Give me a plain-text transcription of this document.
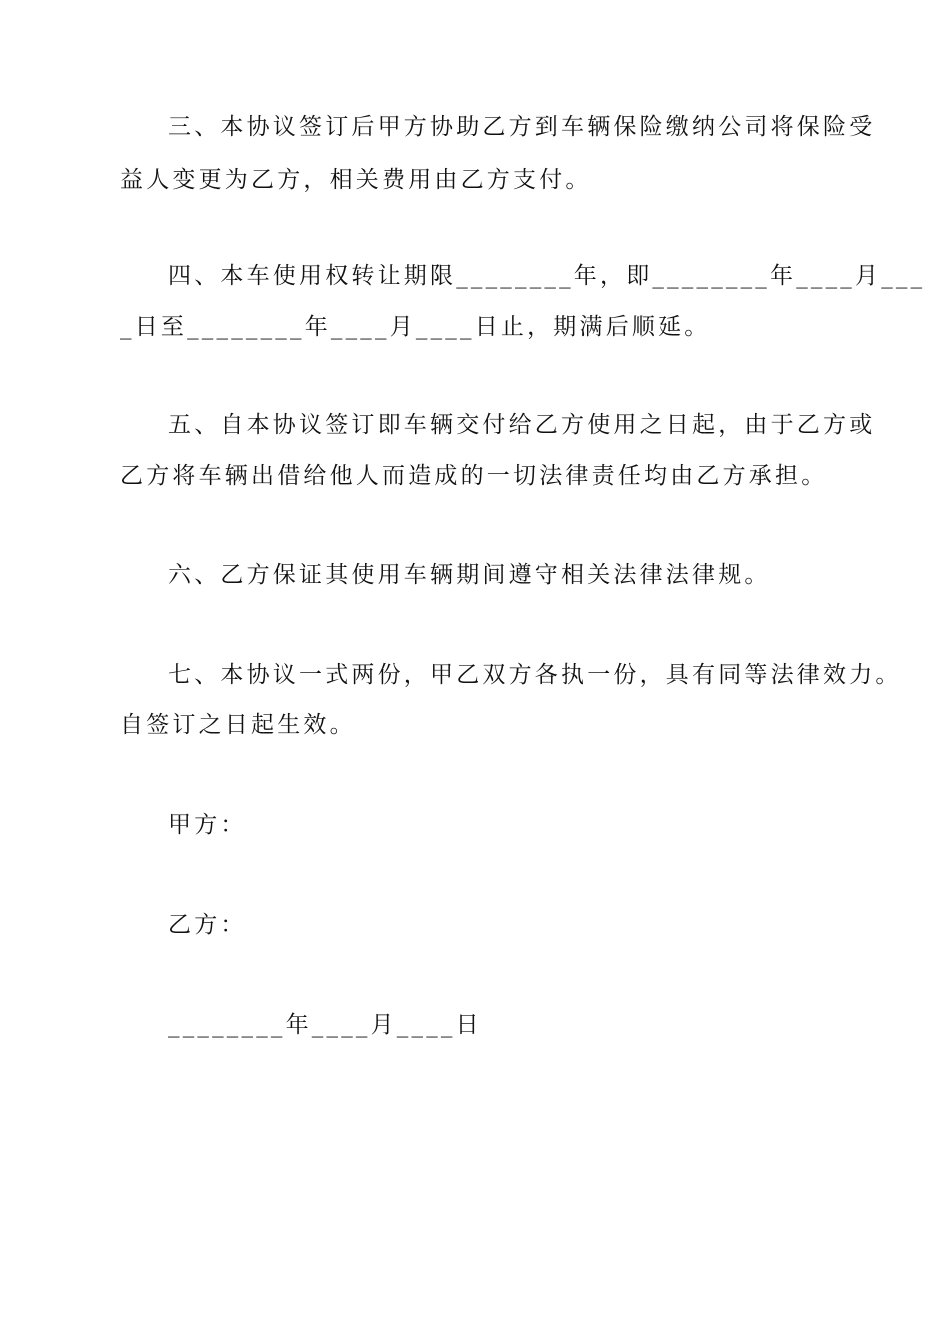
三、本协议签订后甲方协助乙方到车辆保险缴纳公司将保险受
益人变更为乙方，相关费用由乙方支付。
四、本车使用权转让期限________年，即________年____月___
_日至________年____月____日止，期满后顺延。
五、自本协议签订即车辆交付给乙方使用之日起，由于乙方或
乙方将车辆出借给他人而造成的一切法律责任均由乙方承担。
六、乙方保证其使用车辆期间遵守相关法律法律规。
七、本协议一式两份，甲乙双方各执一份，具有同等法律效力。
自签订之日起生效。
甲方：
乙方：
________年____月____日
